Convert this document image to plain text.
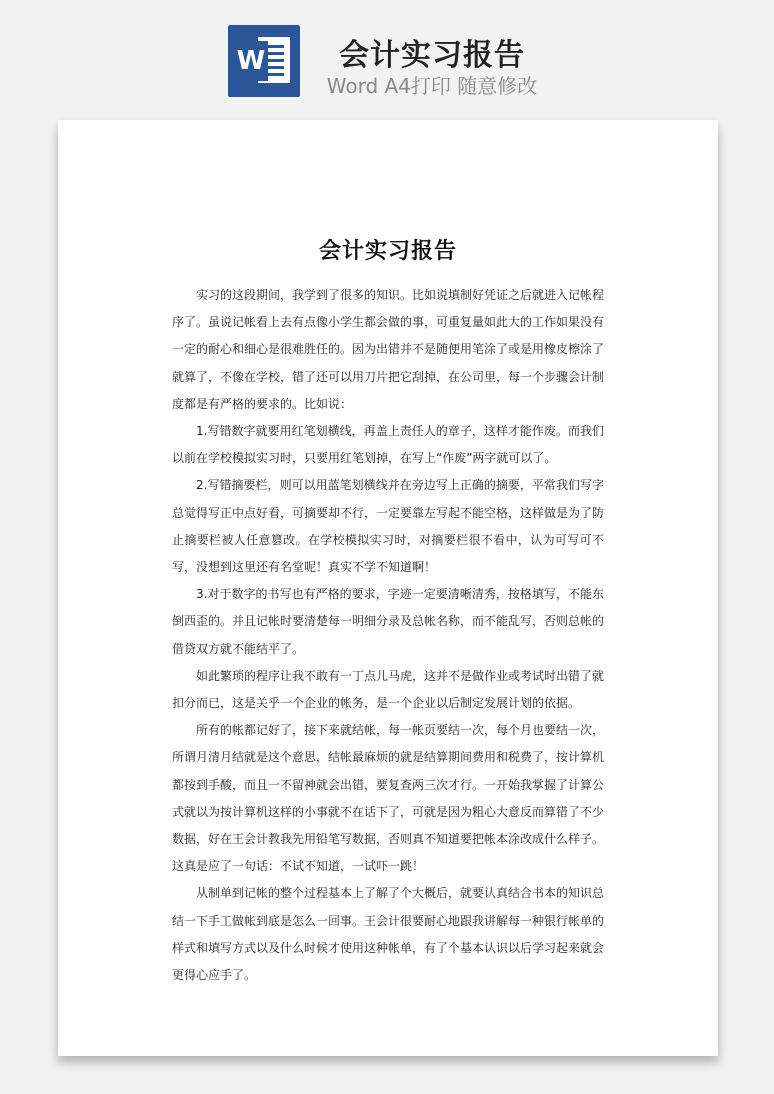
W	会计实习报告
Word A4打印 随意修改
会计实习报告

实习的这段期间，我学到了很多的知识。比如说填制好凭证之后就进入记帐程序了。虽说记帐看上去有点像小学生都会做的事，可重复量如此大的工作如果没有一定的耐心和细心是很难胜任的。因为出错并不是随便用笔涂了或是用橡皮檫涂了就算了，不像在学校，错了还可以用刀片把它刮掉，在公司里，每一个步骤会计制度都是有严格的要求的。比如说：

1.写错数字就要用红笔划横线，再盖上责任人的章子，这样才能作废。而我们以前在学校模拟实习时，只要用红笔划掉，在写上“作废”两字就可以了。

2.写错摘要栏，则可以用蓝笔划横线并在旁边写上正确的摘要，平常我们写字总觉得写正中点好看，可摘要却不行，一定要靠左写起不能空格，这样做是为了防止摘要栏被人任意篡改。在学校模拟实习时，对摘要栏很不看中，认为可写可不写，没想到这里还有名堂呢！真实不学不知道啊！

3.对于数字的书写也有严格的要求，字迹一定要清晰清秀，按格填写，不能东倒西歪的。并且记帐时要清楚每一明细分录及总帐名称，而不能乱写，否则总帐的借贷双方就不能结平了。

如此繁琐的程序让我不敢有一丁点儿马虎，这并不是做作业或考试时出错了就扣分而已，这是关乎一个企业的帐务，是一个企业以后制定发展计划的依据。

所有的帐都记好了，接下来就结帐，每一帐页要结一次，每个月也要结一次，所谓月清月结就是这个意思，结帐最麻烦的就是结算期间费用和税费了，按计算机都按到手酸，而且一不留神就会出错，要复查两三次才行。一开始我掌握了计算公式就以为按计算机这样的小事就不在话下了，可就是因为粗心大意反而算错了不少数据，好在王会计教我先用铅笔写数据，否则真不知道要把帐本涂改成什么样子。这真是应了一句话：不试不知道，一试吓一跳！

从制单到记帐的整个过程基本上了解了个大概后，就要认真结合书本的知识总结一下手工做帐到底是怎么一回事。王会计很要耐心地跟我讲解每一种银行帐单的样式和填写方式以及什么时候才使用这种帐单，有了个基本认识以后学习起来就会更得心应手了。
